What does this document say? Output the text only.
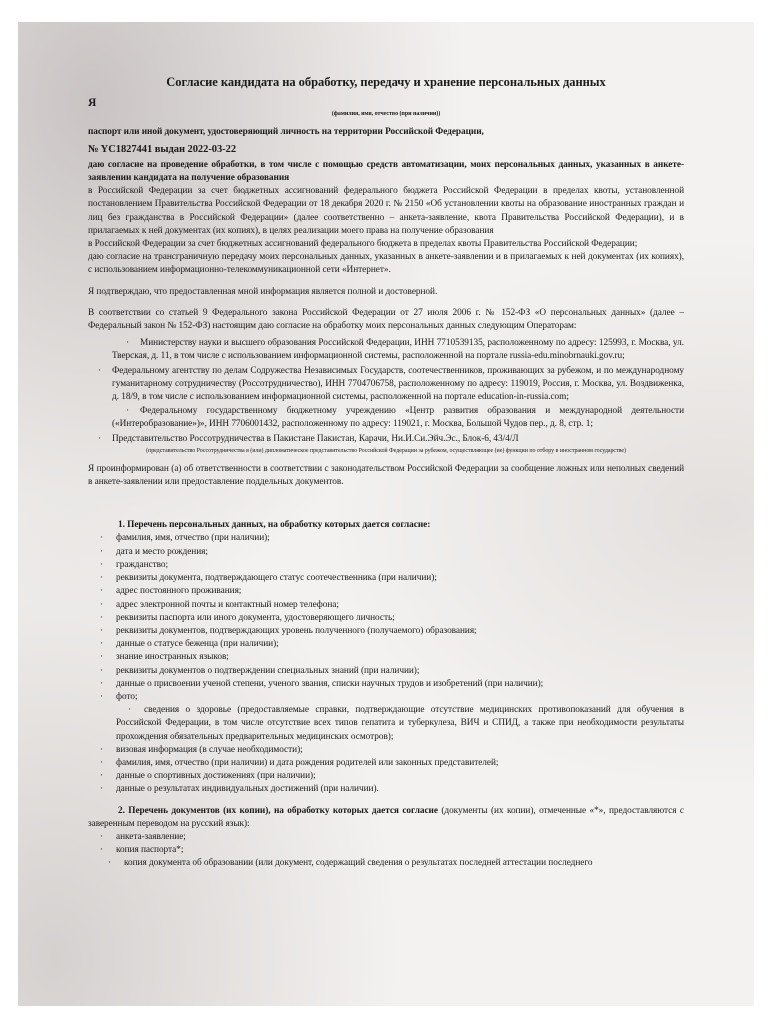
Согласие кандидата на обработку, передачу и хранение персональных данных
Я
(фамилия, имя, отчество (при наличии))

паспорт или иной документ, удостоверяющий личность на территории Российской Федерации,

№ YC1827441 выдан 2022-03-22

даю согласие на проведение обработки, в том числе с помощью средств автоматизации, моих персональных данных, указанных в анкете-заявлении кандидата на получение образования

в Российской Федерации за счет бюджетных ассигнований федерального бюджета Российской Федерации в пределах квоты, установленной постановлением Правительства Российской Федерации от 18 декабря 2020 г. № 2150 «Об установлении квоты на образование иностранных граждан и лиц без гражданства в Российской Федерации» (далее соответственно – анкета-заявление, квота Правительства Российской Федерации), и в прилагаемых к ней документах (их копиях), в целях реализации моего права на получение образования

в Российской Федерации за счет бюджетных ассигнований федерального бюджета в пределах квоты Правительства Российской Федерации;

даю согласие на трансграничную передачу моих персональных данных, указанных в анкете-заявлении и в прилагаемых к ней документах (их копиях), с использованием информационно-телекоммуникационной сети «Интернет».

Я подтверждаю, что предоставленная мной информация является полной и достоверной.

В соответствии со статьей 9 Федерального закона Российской Федерации от 27 июля 2006 г. № 152-ФЗ «О персональных данных» (далее – Федеральный закон № 152-ФЗ) настоящим даю согласие на обработку моих персональных данных следующим Операторам:

· Министерству науки и высшего образования Российской Федерации, ИНН 7710539135, расположенному по адресу: 125993, г. Москва, ул. Тверская, д. 11, в том числе с использованием информационной системы, расположенной на портале russia-edu.minobrnauki.gov.ru;
· Федеральному агентству по делам Содружества Независимых Государств, соотечественников, проживающих за рубежом, и по международному гуманитарному сотрудничеству (Россотрудничество), ИНН 7704706758, расположенному по адресу: 119019, Россия, г. Москва, ул. Воздвиженка, д. 18/9, в том числе с использованием информационной системы, расположенной на портале education-in-russia.com;
· Федеральному государственному бюджетному учреждению «Центр развития образования и международной деятельности («Интеробразование»)», ИНН 7706001432, расположенному по адресу: 119021, г. Москва, Большой Чудов пер., д. 8, стр. 1;
· Представительство Россотрудничества в Пакистане Пакистан, Карачи, Ни.И.Си.Эйч.Эс., Блок-6, 43/4/Л
(представительство Россотрудничества в (или) дипломатическое представительство Российской Федерации за рубежом, осуществляющее (ие) функции по отбору в иностранном государстве)

Я проинформирован (а) об ответственности в соответствии с законодательством Российской Федерации за сообщение ложных или неполных сведений в анкете-заявлении или предоставление поддельных документов.

1. Перечень персональных данных, на обработку которых дается согласие:
· фамилия, имя, отчество (при наличии);
· дата и место рождения;
· гражданство;
· реквизиты документа, подтверждающего статус соотечественника (при наличии);
· адрес постоянного проживания;
· адрес электронной почты и контактный номер телефона;
· реквизиты паспорта или иного документа, удостоверяющего личность;
· реквизиты документов, подтверждающих уровень полученного (получаемого) образования;
· данные о статусе беженца (при наличии);
· знание иностранных языков;
· реквизиты документов о подтверждении специальных знаний (при наличии);
· данные о присвоении ученой степени, ученого звания, списки научных трудов и изобретений (при наличии);
· фото;
· сведения о здоровье (предоставляемые справки, подтверждающие отсутствие медицинских противопоказаний для обучения в Российской Федерации, в том числе отсутствие всех типов гепатита и туберкулеза, ВИЧ и СПИД, а также при необходимости результаты прохождения обязательных предварительных медицинских осмотров);
· визовая информация (в случае необходимости);
· фамилия, имя, отчество (при наличии) и дата рождения родителей или законных представителей;
· данные о спортивных достижениях (при наличии);
· данные о результатах индивидуальных достижений (при наличии).

2. Перечень документов (их копии), на обработку которых дается согласие (документы (их копии), отмеченные «*», предоставляются с заверенным переводом на русский язык):

· анкета-заявление;
· копия паспорта*;
· копия документа об образовании (или документ, содержащий сведения о результатах последней аттестации последнего
